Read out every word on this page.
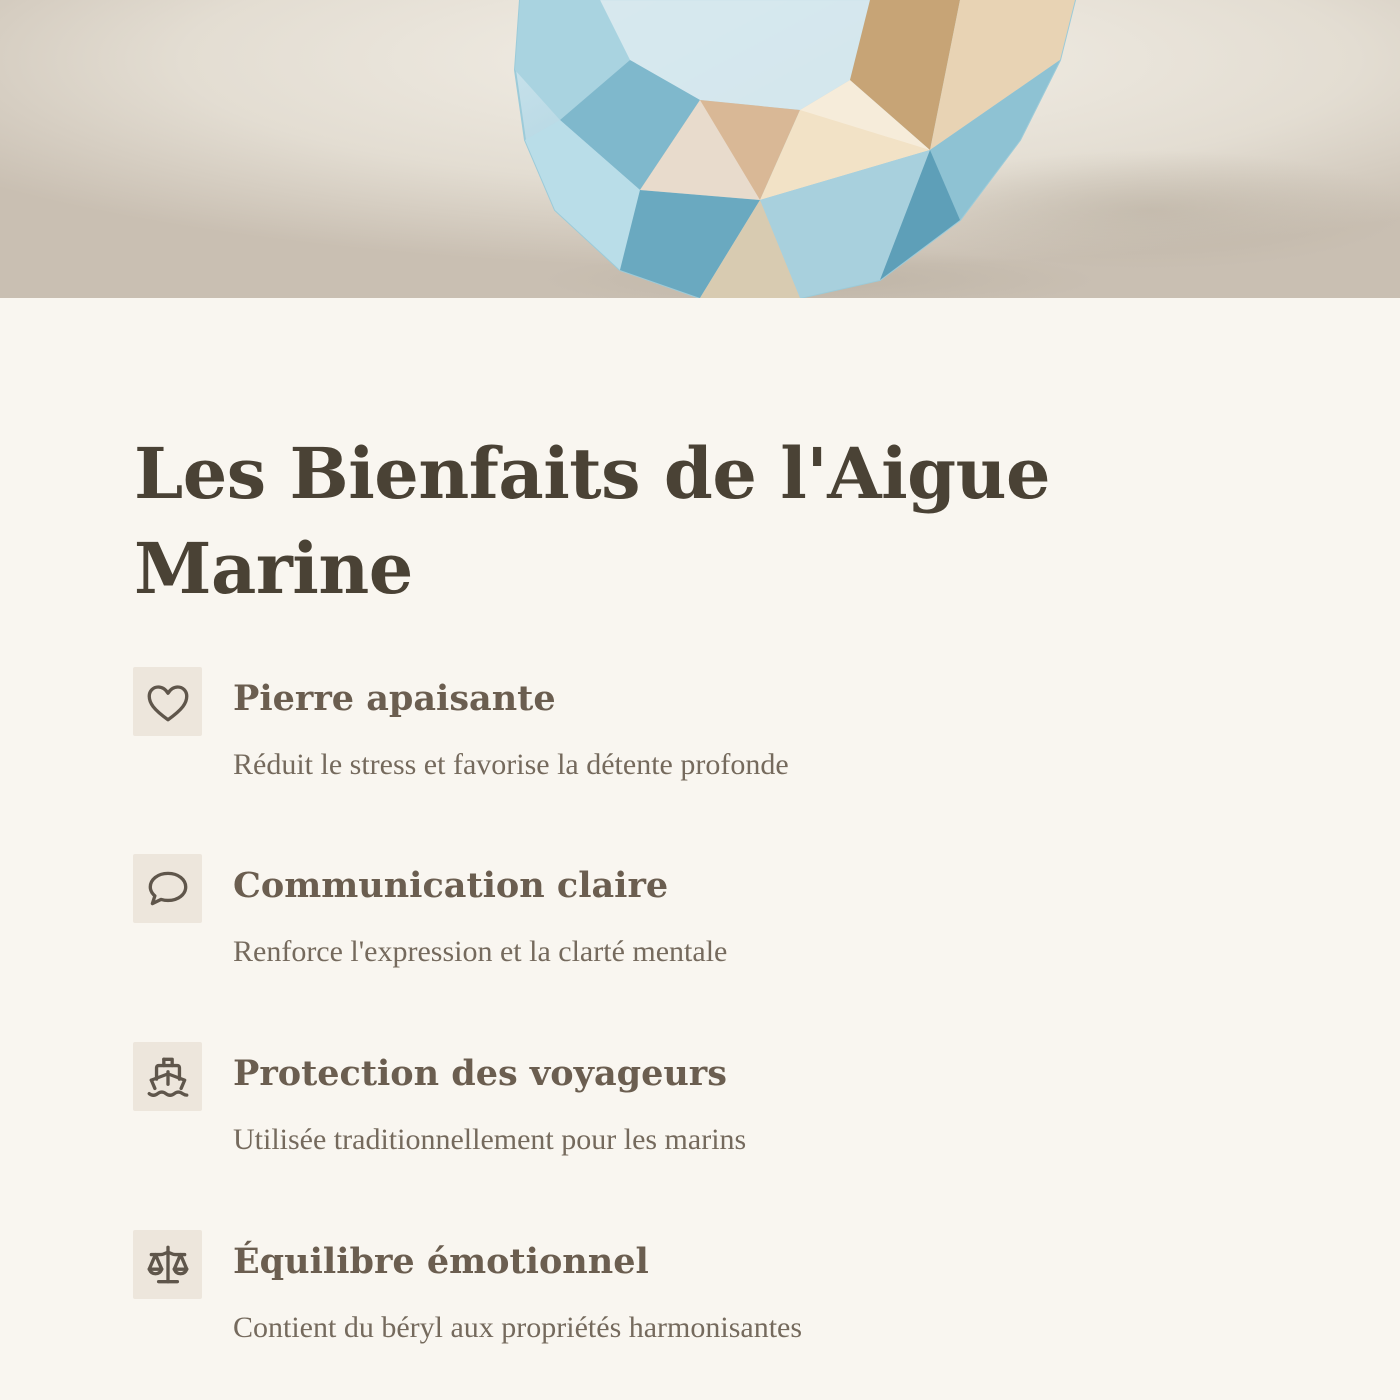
Les Bienfaits de l'Aigue Marine
Pierre apaisante

Réduit le stress et favorise la détente profonde

Communication claire

Renforce l'expression et la clarté mentale

Protection des voyageurs

Utilisée traditionnellement pour les marins

Équilibre émotionnel

Contient du béryl aux propriétés harmonisantes
